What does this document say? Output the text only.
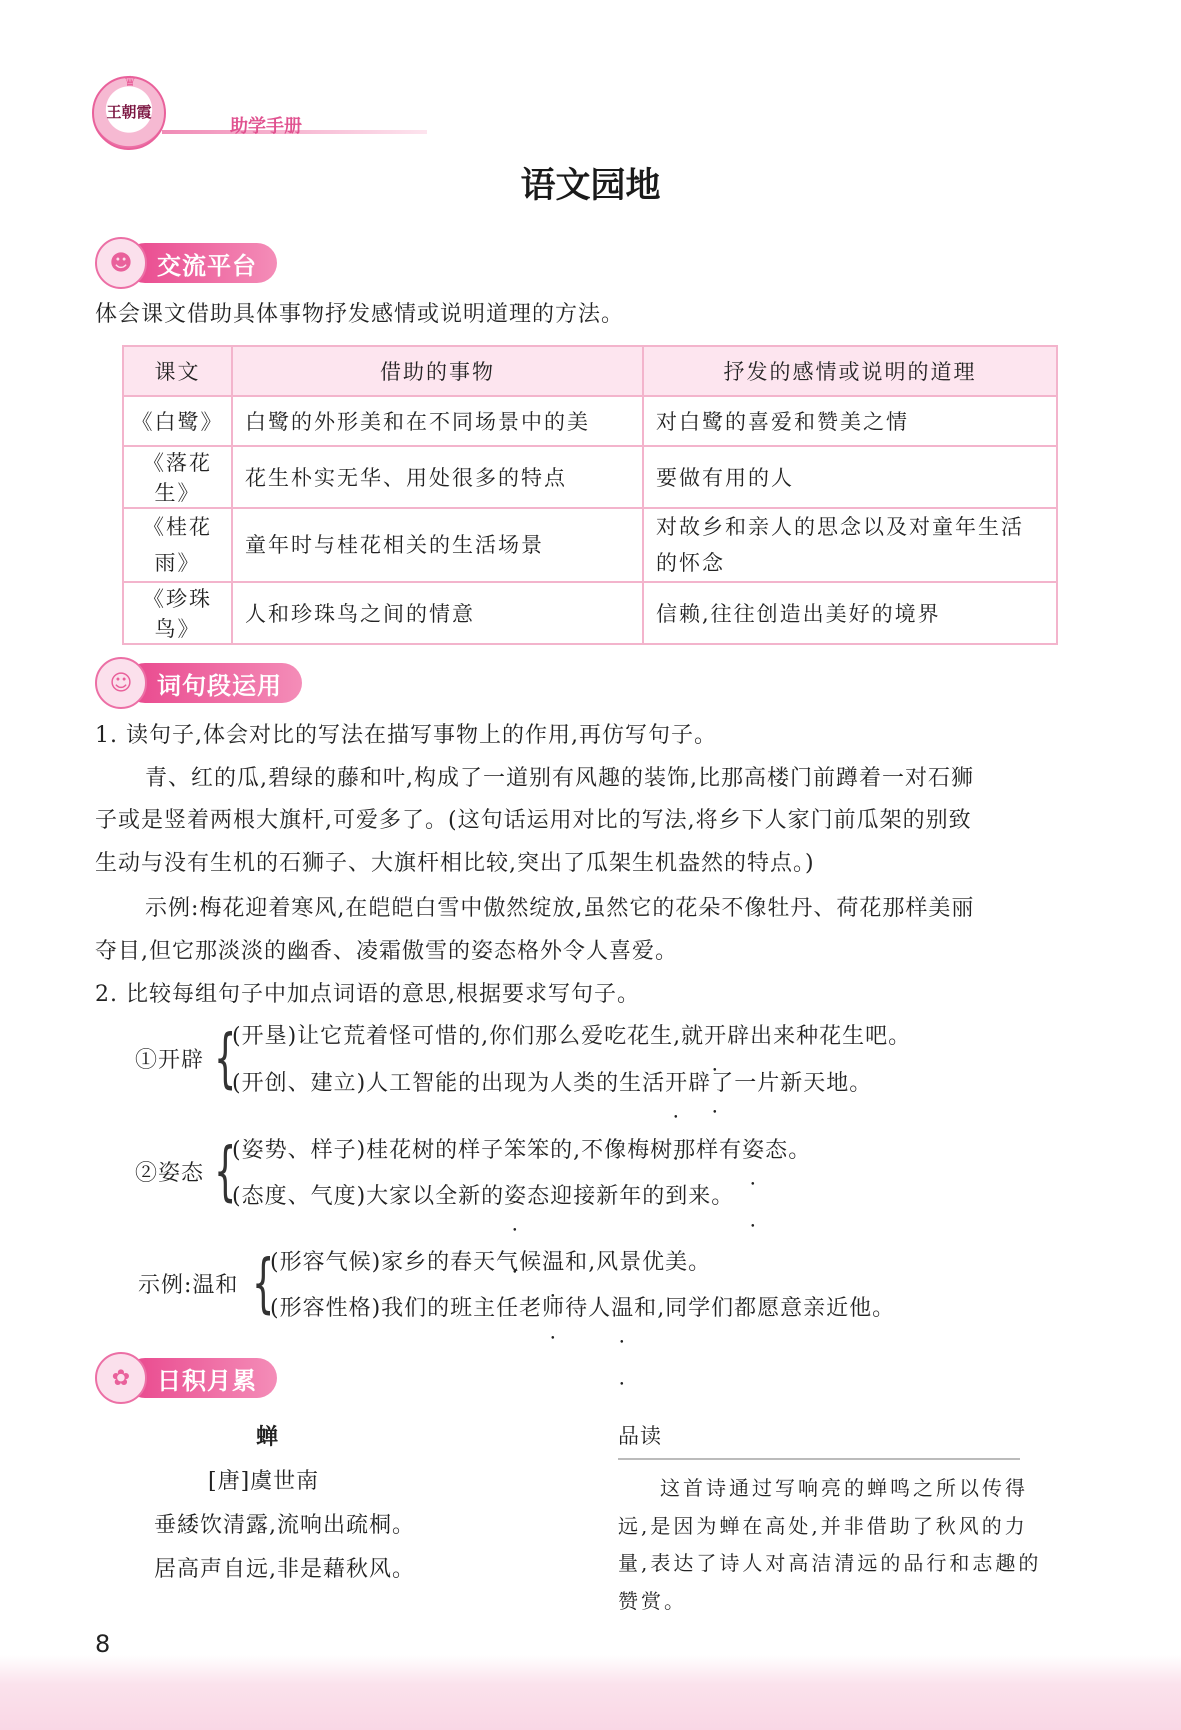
♛
王朝霞
助学手册
语文园地
☻	交流平台
体会课文借助具体事物抒发感情或说明道理的方法。
课文	借助的事物	抒发的感情或说明的道理
《白鹭》	白鹭的外形美和在不同场景中的美	对白鹭的喜爱和赞美之情
《落花生》	花生朴实无华、用处很多的特点	要做有用的人
《桂花雨》	童年时与桂花相关的生活场景	对故乡和亲人的思念以及对童年生活的怀念
《珍珠鸟》	人和珍珠鸟之间的情意	信赖,往往创造出美好的境界
☺	词句段运用
1. 读句子,体会对比的写法在描写事物上的作用,再仿写句子。
青、红的瓜,碧绿的藤和叶,构成了一道别有风趣的装饰,比那高楼门前蹲着一对石狮
子或是竖着两根大旗杆,可爱多了。(这句话运用对比的写法,将乡下人家门前瓜架的别致
生动与没有生机的石狮子、大旗杆相比较,突出了瓜架生机盎然的特点。)
示例:梅花迎着寒风,在皑皑白雪中傲然绽放,虽然它的花朵不像牡丹、荷花那样美丽
夺目,但它那淡淡的幽香、凌霜傲雪的姿态格外令人喜爱。
2. 比较每组句子中加点词语的意思,根据要求写句子。
①开辟 {
(开垦)让它荒着怪可惜的,你们那么爱吃花生,就开辟 • •出来种花生吧。
(开创、建立)人工智能的出现为人类的生活开辟 • •了一片新天地。
②姿态 {
(姿势、样子)桂花树的样子笨笨的,不像梅树那样有姿态 • •。
(态度、气度)大家以全新的姿态 • •迎接新年的到来。
示例:温和 {
(形容气候)家乡的春天气候温和 • •,风景优美。
(形容性格)我们的班主任老师待人温和 • •,同学们都愿意亲近他。
✿	日积月累
蝉
[唐]虞世南
垂緌饮清露,流响出疏桐。
居高声自远,非是藉秋风。
品读
这首诗通过写响亮的蝉鸣之所以传得
远,是因为蝉在高处,并非借助了秋风的力
量,表达了诗人对高洁清远的品行和志趣的
赞赏。
8
